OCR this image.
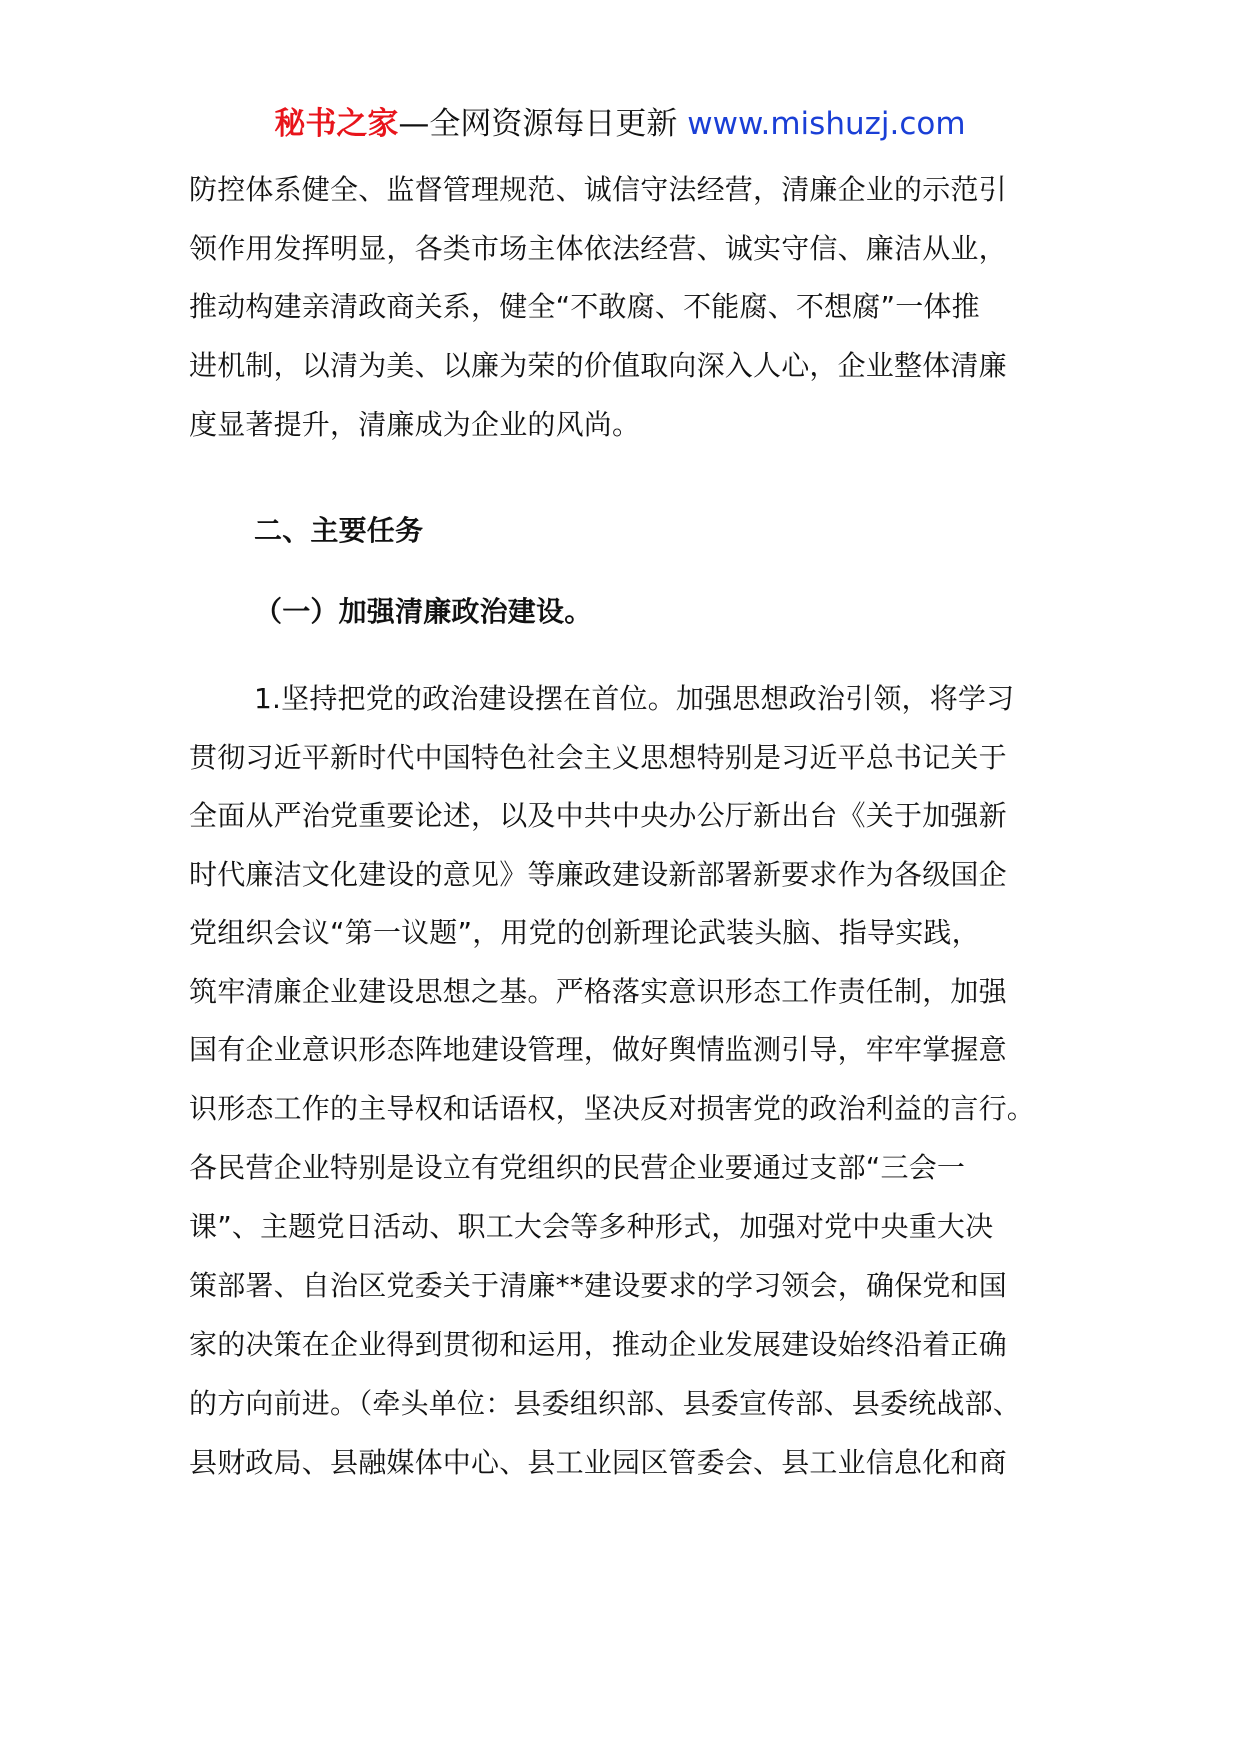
秘书之家—全网资源每日更新 www.mishuzj.com
防控体系健全、监督管理规范、诚信守法经营，清廉企业的示范引
领作用发挥明显，各类市场主体依法经营、诚实守信、廉洁从业，
推动构建亲清政商关系，健全“不敢腐、不能腐、不想腐”一体推
进机制，以清为美、以廉为荣的价值取向深入人心，企业整体清廉
度显著提升，清廉成为企业的风尚。
二、主要任务
（一）加强清廉政治建设。
1.坚持把党的政治建设摆在首位。加强思想政治引领，将学习
贯彻习近平新时代中国特色社会主义思想特别是习近平总书记关于
全面从严治党重要论述，以及中共中央办公厅新出台《关于加强新
时代廉洁文化建设的意见》等廉政建设新部署新要求作为各级国企
党组织会议“第一议题”，用党的创新理论武装头脑、指导实践，
筑牢清廉企业建设思想之基。严格落实意识形态工作责任制，加强
国有企业意识形态阵地建设管理，做好舆情监测引导，牢牢掌握意
识形态工作的主导权和话语权，坚决反对损害党的政治利益的言行。
各民营企业特别是设立有党组织的民营企业要通过支部“三会一
课”、主题党日活动、职工大会等多种形式，加强对党中央重大决
策部署、自治区党委关于清廉**建设要求的学习领会，确保党和国
家的决策在企业得到贯彻和运用，推动企业发展建设始终沿着正确
的方向前进。（牵头单位：县委组织部、县委宣传部、县委统战部、
县财政局、县融媒体中心、县工业园区管委会、县工业信息化和商
